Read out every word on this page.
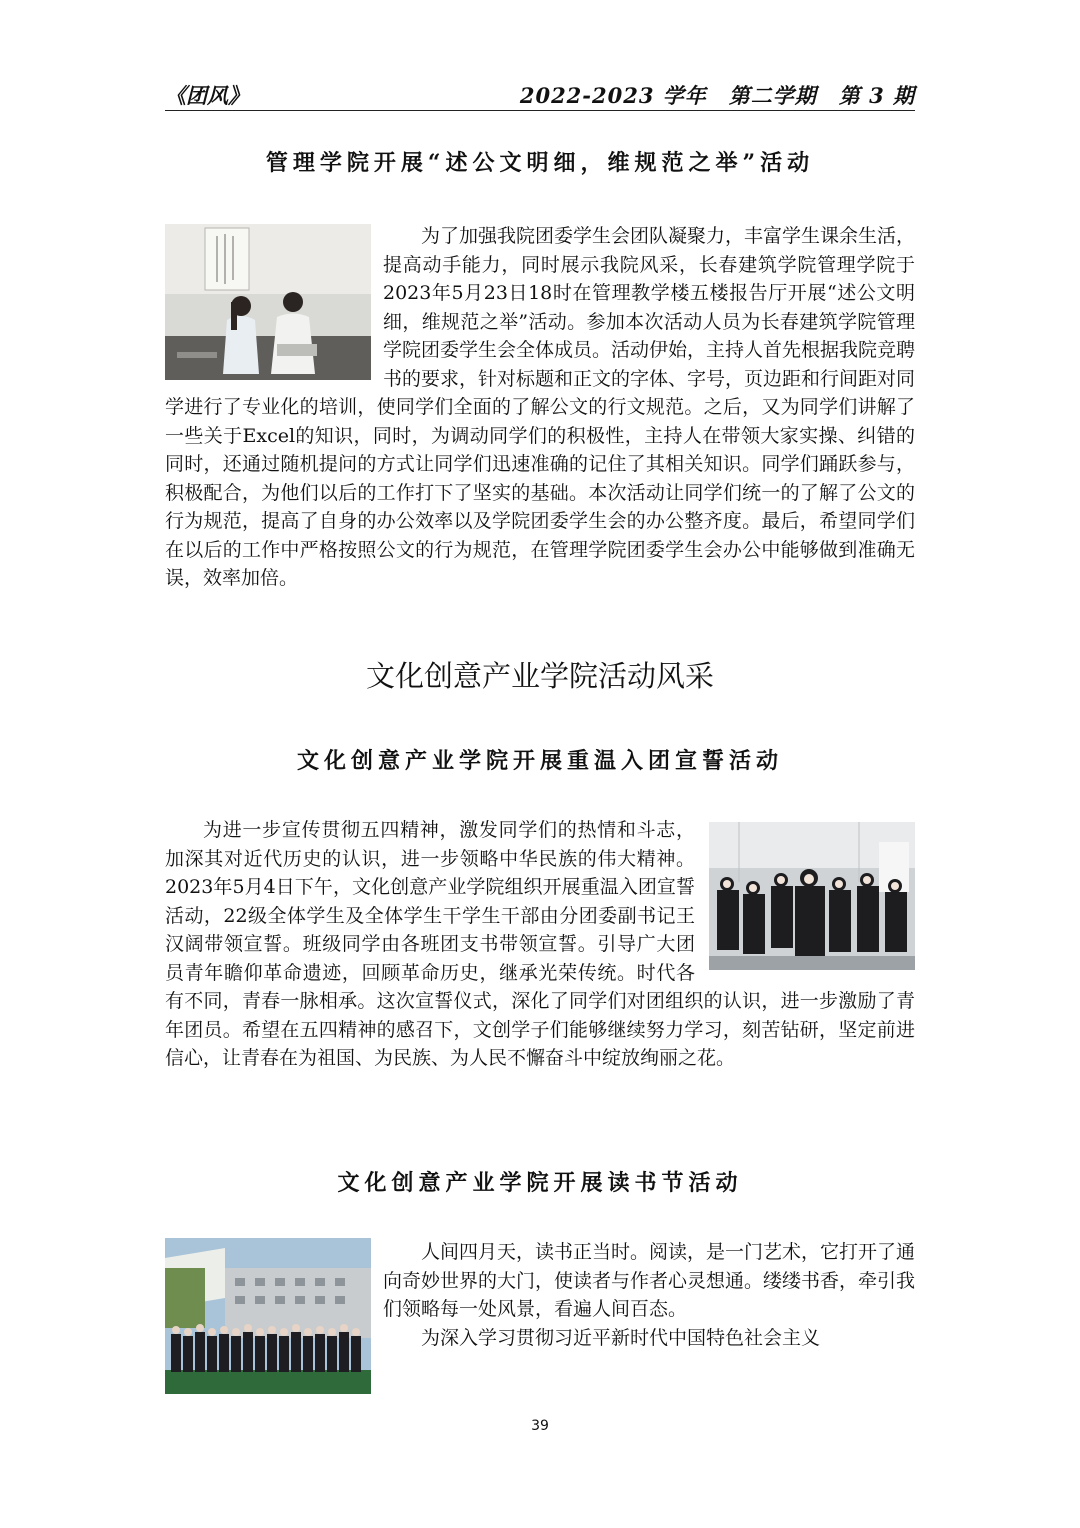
《团风》	2022-2023 学年　第二学期　第 3 期
管理学院开展“述公文明细，维规范之举”活动

为了加强我院团委学生会团队凝聚力，丰富学生课余生活，提高动手能力，同时展示我院风采，长春建筑学院管理学院于2023年5月23日18时在管理教学楼五楼报告厅开展“述公文明细，维规范之举”活动。参加本次活动人员为长春建筑学院管理学院团委学生会全体成员。活动伊始，主持人首先根据我院竞聘书的要求，针对标题和正文的字体、字号，页边距和行间距对同学进行了专业化的培训，使同学们全面的了解公文的行文规范。之后，又为同学们讲解了一些关于Excel的知识，同时，为调动同学们的积极性，主持人在带领大家实操、纠错的同时，还通过随机提问的方式让同学们迅速准确的记住了其相关知识。同学们踊跃参与，积极配合，为他们以后的工作打下了坚实的基础。本次活动让同学们统一的了解了公文的行为规范，提高了自身的办公效率以及学院团委学生会的办公整齐度。最后，希望同学们在以后的工作中严格按照公文的行为规范，在管理学院团委学生会办公中能够做到准确无误，效率加倍。

文化创意产业学院活动风采
文化创意产业学院开展重温入团宣誓活动

为进一步宣传贯彻五四精神，激发同学们的热情和斗志，加深其对近代历史的认识，进一步领略中华民族的伟大精神。2023年5月4日下午，文化创意产业学院组织开展重温入团宣誓活动，22级全体学生及全体学生干学生干部由分团委副书记王汉阔带领宣誓。班级同学由各班团支书带领宣誓。引导广大团员青年瞻仰革命遗迹，回顾革命历史，继承光荣传统。时代各有不同，青春一脉相承。这次宣誓仪式，深化了同学们对团组织的认识，进一步激励了青年团员。希望在五四精神的感召下，文创学子们能够继续努力学习，刻苦钻研，坚定前进信心，让青春在为祖国、为民族、为人民不懈奋斗中绽放绚丽之花。

文化创意产业学院开展读书节活动

人间四月天，读书正当时。阅读，是一门艺术，它打开了通向奇妙世界的大门，使读者与作者心灵想通。缕缕书香，牵引我们领略每一处风景，看遍人间百态。

为深入学习贯彻习近平新时代中国特色社会主义

39
